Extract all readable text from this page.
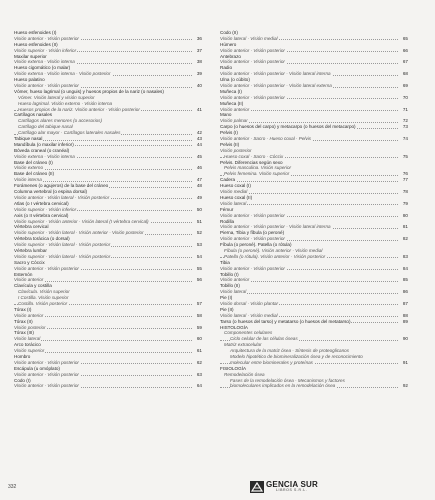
Hueso esfenoides (I)
Visión anterior · Visión posterior	36
Hueso esfenoides (II)
Visión superior · Visión inferior	37
Maxilar superior
Visión externa · Visión interna	38
Hueso cigomático (o malar)
Visión externa · Visión interna · Visión posterior	39
Hueso palatino
Visión anterior · Visión posterior	40
Vómer, hueso lagrimal (o unguis) y huesos propios de la nariz (o nasales)
Vómer. Visión lateral y visión superior
Hueso lagrimal. Visión externo · Visión interna
Huesos propios de la nariz. Visión anterior · Visión posterior	41
Cartílagos nasales
Cartílagos alares menores (o accesorios)
Cartílago del tabique nasal
Cartílago alar mayor · Cartílagos laterales nasales	42
Tabique nasal	43
Mandíbula (o maxilar inferior)	44
Bóveda craneal (o cranéal)
Visión externa · Visión interna	45
Base del cráneo (I)
Visión externo	46
Base del cráneo (II)
Visión interna	47
Forámenes (o agujeros) de la base del cráneo	48
Columna vertebral (o espina dorsal)
Visión anterior · Visión lateral · Visión posterior	49
Atlas (o I vértebra cervical)
Visión superior · Visión inferior	50
Axis (o II vértebra cervical)
Visión superior · Visión anterior · Visión lateral (I vértebra cervical)	51
Vértebra cervical
Visión superior · Visión lateral · Visión anterior · Visión posterior	52
Vértebra torácica (o dorsal)
Visión superior · Visión lateral · Visión posterior	53
Vértebra lumbar
Visión superior · Visión lateral · Visión posterior	54
Sacro y Cóccix
Visión anterior · Visión posterior	55
Esternón
Visión anterior	56
Clavícula y costilla
Clavícula. Visión superior
I Costilla. Visión superior
Costilla. Visión posterior	57
Tórax (I)
Visión anterior	58
Tórax (II)
Visión posterior	59
Tórax (III)
Visión lateral	60
Arco torácico
Visión superior	61
Hombro
Visión anterior · Visión posterior	62
Escápula (u omóplato)
Visión anterior · Visión posterior	63
Codo (I)
Visión anterior · Visión posterior	64
Codo (II)
Visión lateral · Visión medial	65
Húmero
Visión anterior · Visión posterior	66
Antebrazo
Visión anterior · Visión posterior	67
Radio
Visión anterior · Visión posterior · Visión lateral interna	68
Ulna (o cúbito)
Visión anterior · Visión posterior · Visión lateral externa	69
Muñeca (I)
Visión anterior · Visión posterior	70
Muñeca (II)
Visión anterior	71
Mano
Visión palmar	72
Carpo (o huesos del carpo) y metacarpo (o huesos del metacarpo)	73
Pelvis (I)
Visión anterior · Sacro · Hueso coxal · Pelvis	74
Pelvis (II)
Visión posterior
Hueso coxal · Sacro · Cóccix	75
Pelvis. Diferencias según sexo
Pelvis masculina. Visión superior
Pelvis femenina. Visión superior	76
Cadera	77
Hueso coxal (I)
Visión medial	78
Hueso coxal (II)
Visión lateral	79
Fémur
Visión anterior · Visión posterior	80
Rodilla
Visión anterior · Visión posterior · Visión lateral interna	81
Pierna, Tibia y fíbula (o peroné)
Visión anterior · Visión posterior	82
Fíbula (o peroné). Patella (o rótula)
Fíbula (o peroné). Visión anterior · Visión medial
Patella (o rótula). Visión anterior · Visión posterior	83
Tibia
Visión anterior · Visión posterior	84
Tobillo (I)
Visión anterior	85
Tobillo (II)
Visión lateral	86
Pie (I)
Visión dorsal · Visión plantar	87
Pie (II)
Visión lateral · Visión medial	88
Tarso (o huesos del tarso) y metatarso (o huesos del metatarso)	89
HISTOLOGÍA
Componentes celulares
Ciclo celular de las células óseas	90
Matriz extracelular
Arquitectura de la matriz ósea · Síntesis de proteoglicanos
Modelo hipotético de biomineralización ósea y de reconocimiento
molecular entre biominerales y proteínas	91
FISIOLOGÍA
Remodelación ósea
Fases de la remodelación ósea · Mecanismos y factores
biomoleculares implicados en la remodelación ósea	92
332	GENCIA SUR
LIBROS S.R.L.
